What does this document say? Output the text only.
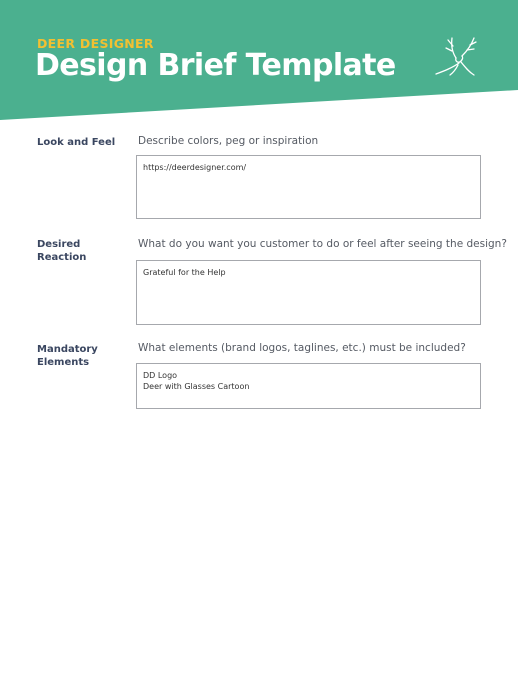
DEER DESIGNER
Design Brief Template
Look and Feel	Describe colors, peg or inspiration
https://deerdesigner.com/
Desired
Reaction
What do you want you customer to do or feel after seeing the design?
Grateful for the Help
Mandatory
Elements
What elements (brand logos, taglines, etc.) must be included?
DD Logo
Deer with Glasses Cartoon
